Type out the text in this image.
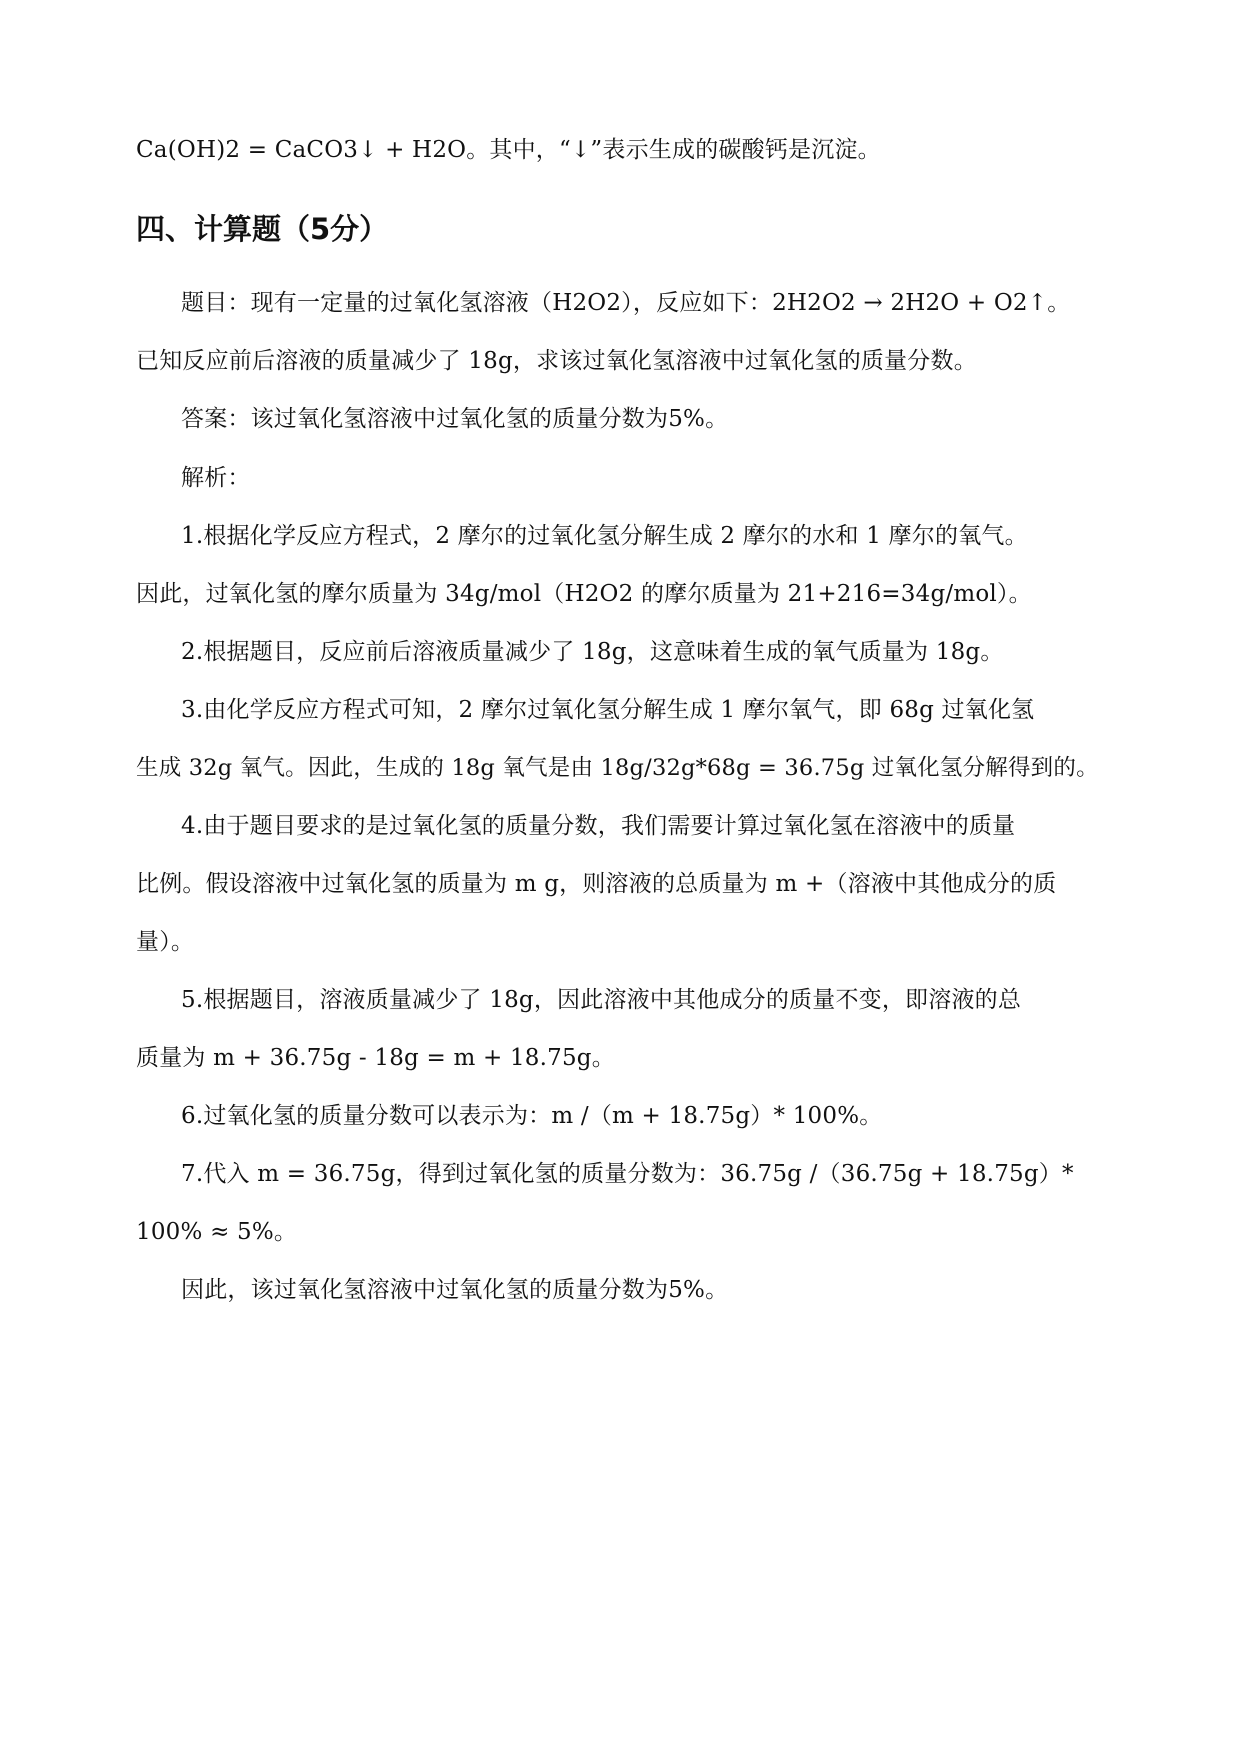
Ca(OH)2 = CaCO3↓ + H2O。其中，“↓”表示生成的碳酸钙是沉淀。
四、计算题（5分）
题目：现有一定量的过氧化氢溶液（H2O2），反应如下：2H2O2 → 2H2O + O2↑。
已知反应前后溶液的质量减少了 18g，求该过氧化氢溶液中过氧化氢的质量分数。
答案：该过氧化氢溶液中过氧化氢的质量分数为5%。
解析：
1.根据化学反应方程式，2 摩尔的过氧化氢分解生成 2 摩尔的水和 1 摩尔的氧气。
因此，过氧化氢的摩尔质量为 34g/mol（H2O2 的摩尔质量为 21+216=34g/mol）。
2.根据题目，反应前后溶液质量减少了 18g，这意味着生成的氧气质量为 18g。
3.由化学反应方程式可知，2 摩尔过氧化氢分解生成 1 摩尔氧气，即 68g 过氧化氢
生成 32g 氧气。因此，生成的 18g 氧气是由 18g/32g*68g = 36.75g 过氧化氢分解得到的。
4.由于题目要求的是过氧化氢的质量分数，我们需要计算过氧化氢在溶液中的质量
比例。假设溶液中过氧化氢的质量为 m g，则溶液的总质量为 m +（溶液中其他成分的质
量）。
5.根据题目，溶液质量减少了 18g，因此溶液中其他成分的质量不变，即溶液的总
质量为 m + 36.75g - 18g = m + 18.75g。
6.过氧化氢的质量分数可以表示为：m /（m + 18.75g）* 100%。
7.代入 m = 36.75g，得到过氧化氢的质量分数为：36.75g /（36.75g + 18.75g）*
100% ≈ 5%。
因此，该过氧化氢溶液中过氧化氢的质量分数为5%。
